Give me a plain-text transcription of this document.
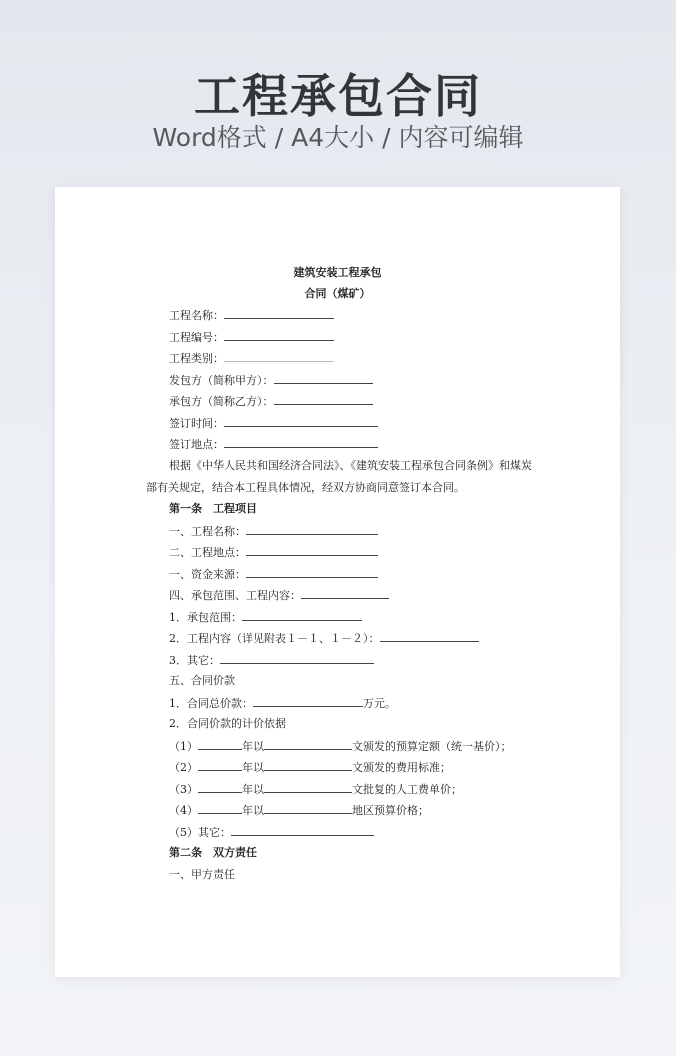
工程承包合同
Word格式 / A4大小 / 内容可编辑
建筑安装工程承包
合同（煤矿）
工程名称：
工程编号：
工程类别：
发包方（简称甲方）：
承包方（简称乙方）：
签订时间：
签订地点：
根据《中华人民共和国经济合同法》、《建筑安装工程承包合同条例》和煤炭
部有关规定，结合本工程具体情况，经双方协商同意签订本合同。
第一条　工程项目
一、工程名称：
二、工程地点：
一、资金来源：
四、承包范围、工程内容：
1．承包范围：
2．工程内容（详见附表１－１、１－２）：
3．其它：
五、合同价款
1．合同总价款：	万元。
2．合同价款的计价依据
（1）	年以	文颁发的预算定额（统一基价）；
（2）	年以	文颁发的费用标准；
（3）	年以	文批复的人工费单价；
（4）	年以	地区预算价格；
（5）其它：
第二条　双方责任
一、甲方责任
